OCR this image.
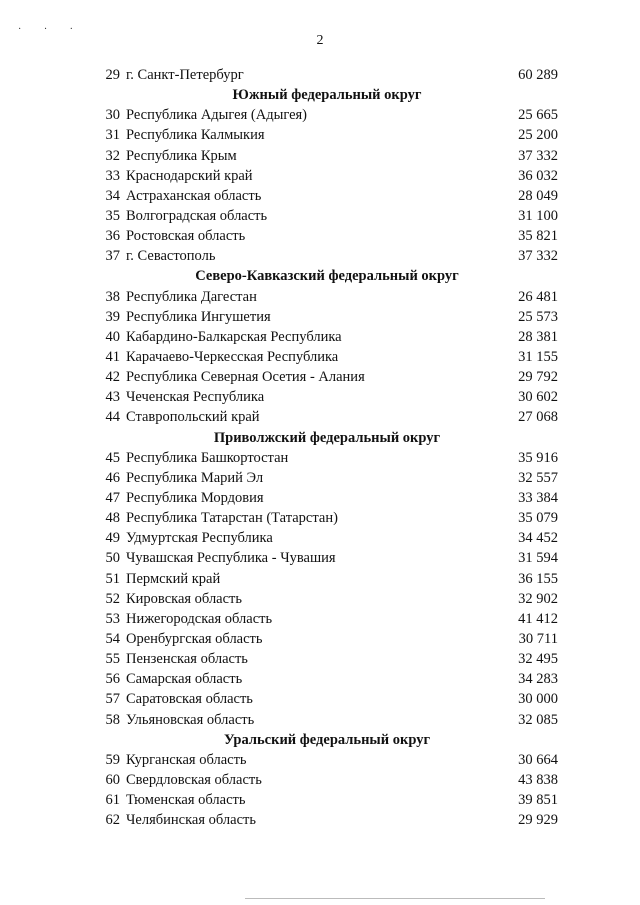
· · ·
2
29 г. Санкт-Петербург	60 289
Южный федеральный округ
30 Республика Адыгея (Адыгея)	25 665
31 Республика Калмыкия	25 200
32 Республика Крым	37 332
33 Краснодарский край	36 032
34 Астраханская область	28 049
35 Волгоградская область	31 100
36 Ростовская область	35 821
37 г. Севастополь	37 332
Северо-Кавказский федеральный округ
38 Республика Дагестан	26 481
39 Республика Ингушетия	25 573
40 Кабардино-Балкарская Республика	28 381
41 Карачаево-Черкесская Республика	31 155
42 Республика Северная Осетия - Алания	29 792
43 Чеченская Республика	30 602
44 Ставропольский край	27 068
Приволжский федеральный округ
45 Республика Башкортостан	35 916
46 Республика Марий Эл	32 557
47 Республика Мордовия	33 384
48 Республика Татарстан (Татарстан)	35 079
49 Удмуртская Республика	34 452
50 Чувашская Республика - Чувашия	31 594
51 Пермский край	36 155
52 Кировская область	32 902
53 Нижегородская область	41 412
54 Оренбургская область	30 711
55 Пензенская область	32 495
56 Самарская область	34 283
57 Саратовская область	30 000
58 Ульяновская область	32 085
Уральский федеральный округ
59 Курганская область	30 664
60 Свердловская область	43 838
61 Тюменская область	39 851
62 Челябинская область	29 929
